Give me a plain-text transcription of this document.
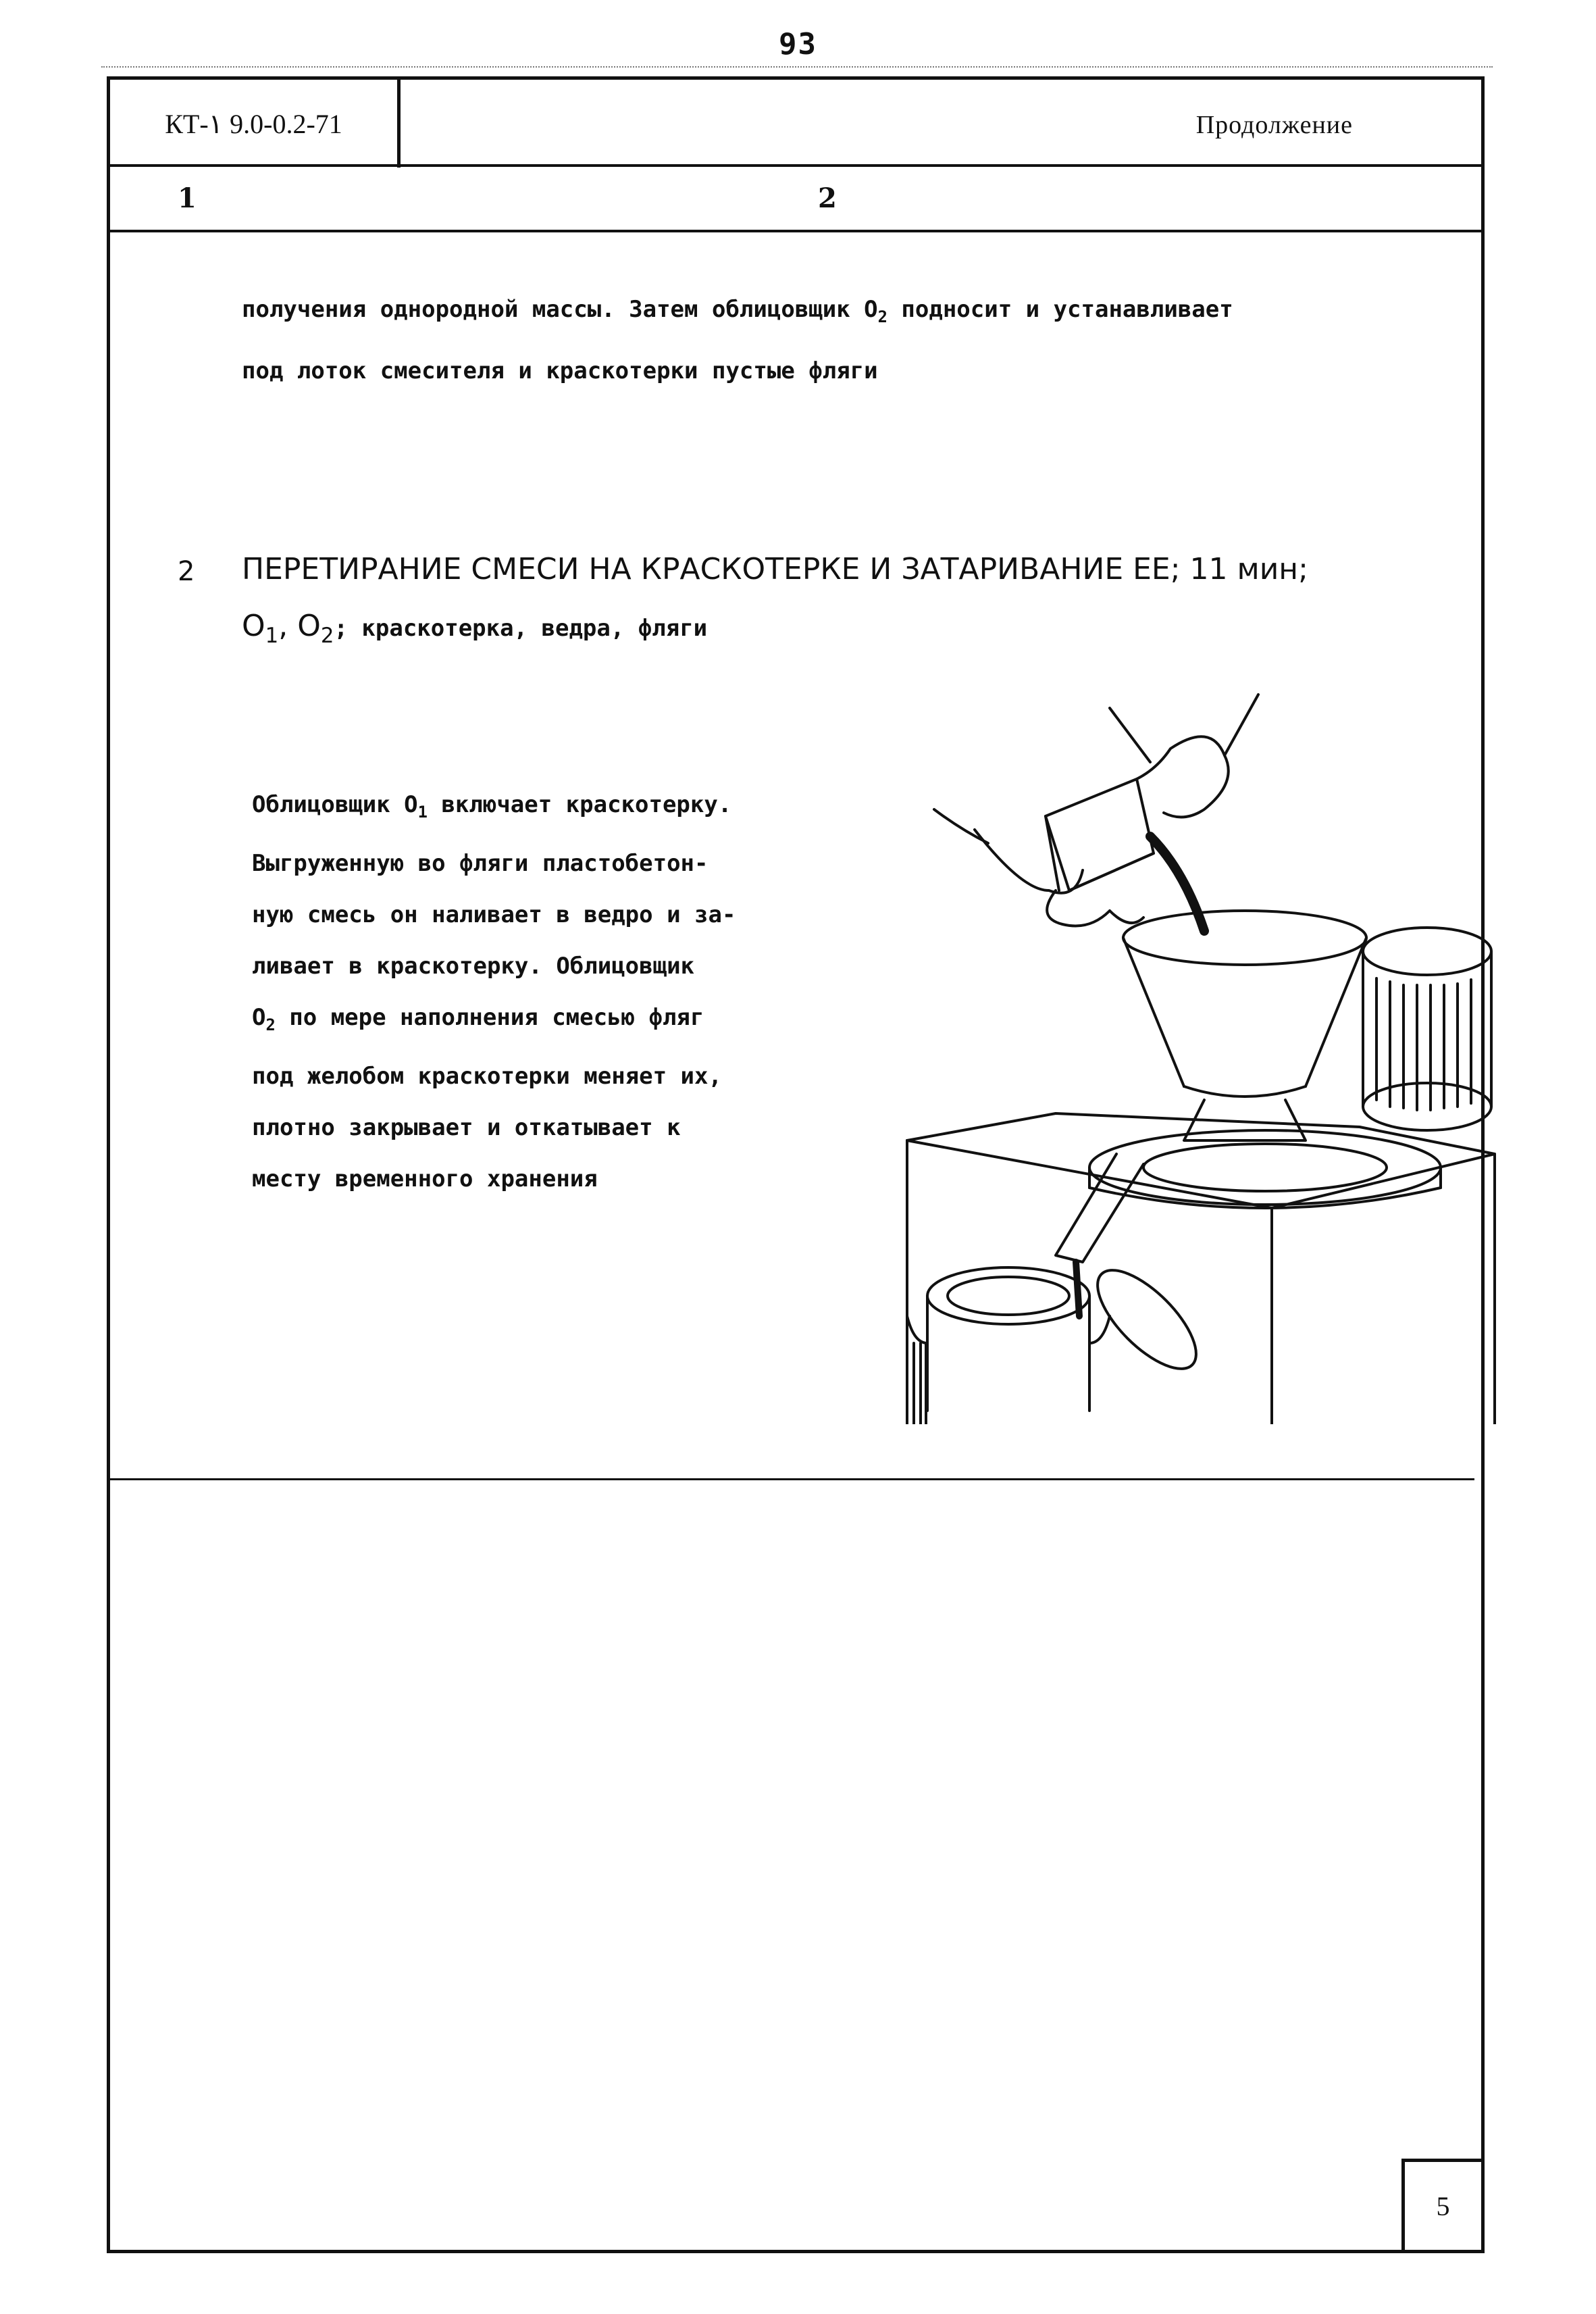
93
КТ-۱ 9.0-0.2-71	Продолжение
1	2
получения однородной массы. Затем облицовщик $О_2$ подносит и устанавливает
под лоток смесителя и краскотерки пустые фляги
2 ПЕРЕТИРАНИЕ СМЕСИ НА КРАСКОТЕРКЕ И ЗАТАРИВАНИЕ ЕЕ; 11 мин;
$О_1$, $О_2$; краскотерка, ведра, фляги
Облицовщик $О_1$ включает краскотерку.
Выгруженную во фляги пластобетон-
ную смесь он наливает в ведро и за-
ливает в краскотерку. Облицовщик
$О_2$ по мере наполнения смесью фляг
под желобом краскотерки меняет их,
плотно закрывает и откатывает к
месту временного хранения
5
